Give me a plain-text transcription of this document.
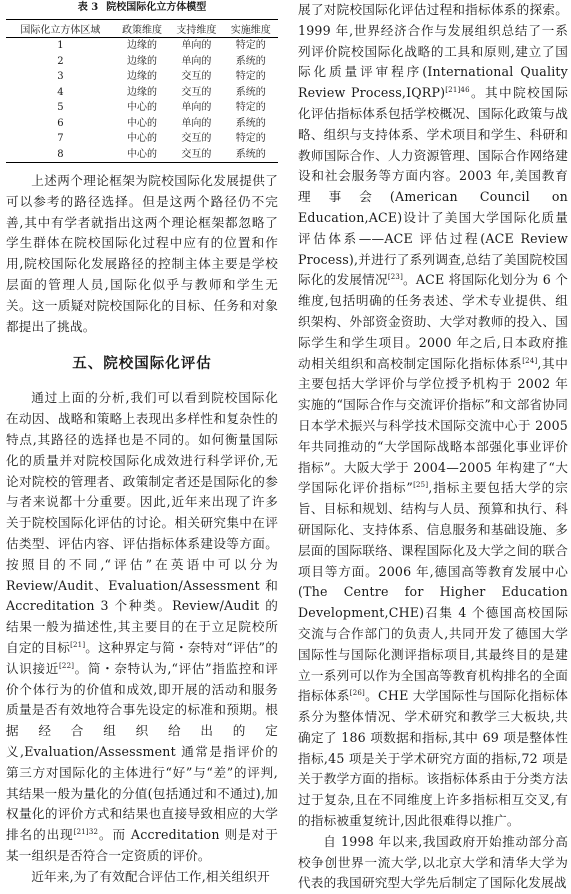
表 3 院校国际化立方体模型
国际化立方体区域	政策维度	支持维度	实施维度
1	边缘的	单向的	特定的
2	边缘的	单向的	系统的
3	边缘的	交互的	特定的
4	边缘的	交互的	系统的
5	中心的	单向的	特定的
6	中心的	单向的	系统的
7	中心的	交互的	特定的
8	中心的	交互的	系统的

上述两个理论框架为院校国际化发展提供了可以参考的路径选择。但是这两个路径仍不完善,其中有学者就指出这两个理论框架都忽略了学生群体在院校国际化过程中应有的位置和作用,院校国际化发展路径的控制主体主要是学校层面的管理人员,国际化似乎与教师和学生无关。这一质疑对院校国际化的目标、任务和对象都提出了挑战。

五、院校国际化评估

通过上面的分析,我们可以看到院校国际化在动因、战略和策略上表现出多样性和复杂性的特点,其路径的选择也是不同的。如何衡量国际化的质量并对院校国际化成效进行科学评价,无论对院校的管理者、政策制定者还是国际化的参与者来说都十分重要。因此,近年来出现了许多关于院校国际化评估的讨论。相关研究集中在评估类型、评估内容、评估指标体系建设等方面。按照目的不同,“评估”在英语中可以分为 Review/Audit、Evaluation/Assessment 和 Accreditation 3 个种类。Review/Audit 的结果一般为描述性,其主要目的在于立足院校所自定的目标[21]。这种界定与简・奈特对“评估”的认识接近[22]。简・奈特认为,“评估”指监控和评价个体行为的价值和成效,即开展的活动和服务质量是否有效地符合事先设定的标准和预期。根据经合组织给出的定义,Evaluation/Assessment 通常是指评价的第三方对国际化的主体进行“好”与“差”的评判,其结果一般为量化的分值(包括通过和不通过),加权量化的评价方式和结果也直接导致相应的大学排名的出现$^{[21]32}$。而 Accreditation 则是对于某一组织是否符合一定资质的评价。

近年来,为了有效配合评估工作,相关组织开

展了对院校国际化评估过程和指标体系的探索。1999 年,世界经济合作与发展组织总结了一系列评价院校国际化战略的工具和原则,建立了国际化质量评审程序(International Quality Review Process,IQRP)$^{[21]46}$。其中院校国际化评估指标体系包括学校概况、国际化政策与战略、组织与支持体系、学术项目和学生、科研和教师国际合作、人力资源管理、国际合作网络建设和社会服务等方面内容。2003 年,美国教育理事会(American Council on Education,ACE)设计了美国大学国际化质量评估体系——ACE 评估过程(ACE Review Process),并进行了系列调查,总结了美国院校国际化的发展情况[23]。ACE 将国际化划分为 6 个维度,包括明确的任务表述、学术专业提供、组织架构、外部资金资助、大学对教师的投入、国际学生和学生项目。2000 年之后,日本政府推动相关组织和高校制定国际化指标体系[24],其中主要包括大学评价与学位授予机构于 2002 年实施的“国际合作与交流评价指标”和文部省协同日本学术振兴与科学技术国际交流中心于 2005 年共同推动的“大学国际战略本部强化事业评价指标”。大阪大学于 2004—2005 年构建了“大学国际化评价指标”[25],指标主要包括大学的宗旨、目标和规划、结构与人员、预算和执行、科研国际化、支持体系、信息服务和基础设施、多层面的国际联络、课程国际化及大学之间的联合项目等方面。2006 年,德国高等教育发展中心(The Centre for Higher Education Development,CHE)召集 4 个德国高校国际交流与合作部门的负责人,共同开发了德国大学国际性与国际化测评指标项目,其最终目的是建立一系列可以作为全国高等教育机构排名的全面指标体系[26]。CHE 大学国际性与国际化指标体系分为整体情况、学术研究和教学三大板块,共确定了 186 项数据和指标,其中 69 项是整体性指标,45 项是关于学术研究方面的指标,72 项是关于教学方面的指标。该指标体系由于分类方法过于复杂,且在不同维度上许多指标相互交叉,有的指标被重复统计,因此很难得以推广。

自 1998 年以来,我国政府开始推动部分高校争创世界一流大学,以北京大学和清华大学为代表的我国研究型大学先后制定了国际化发展战
